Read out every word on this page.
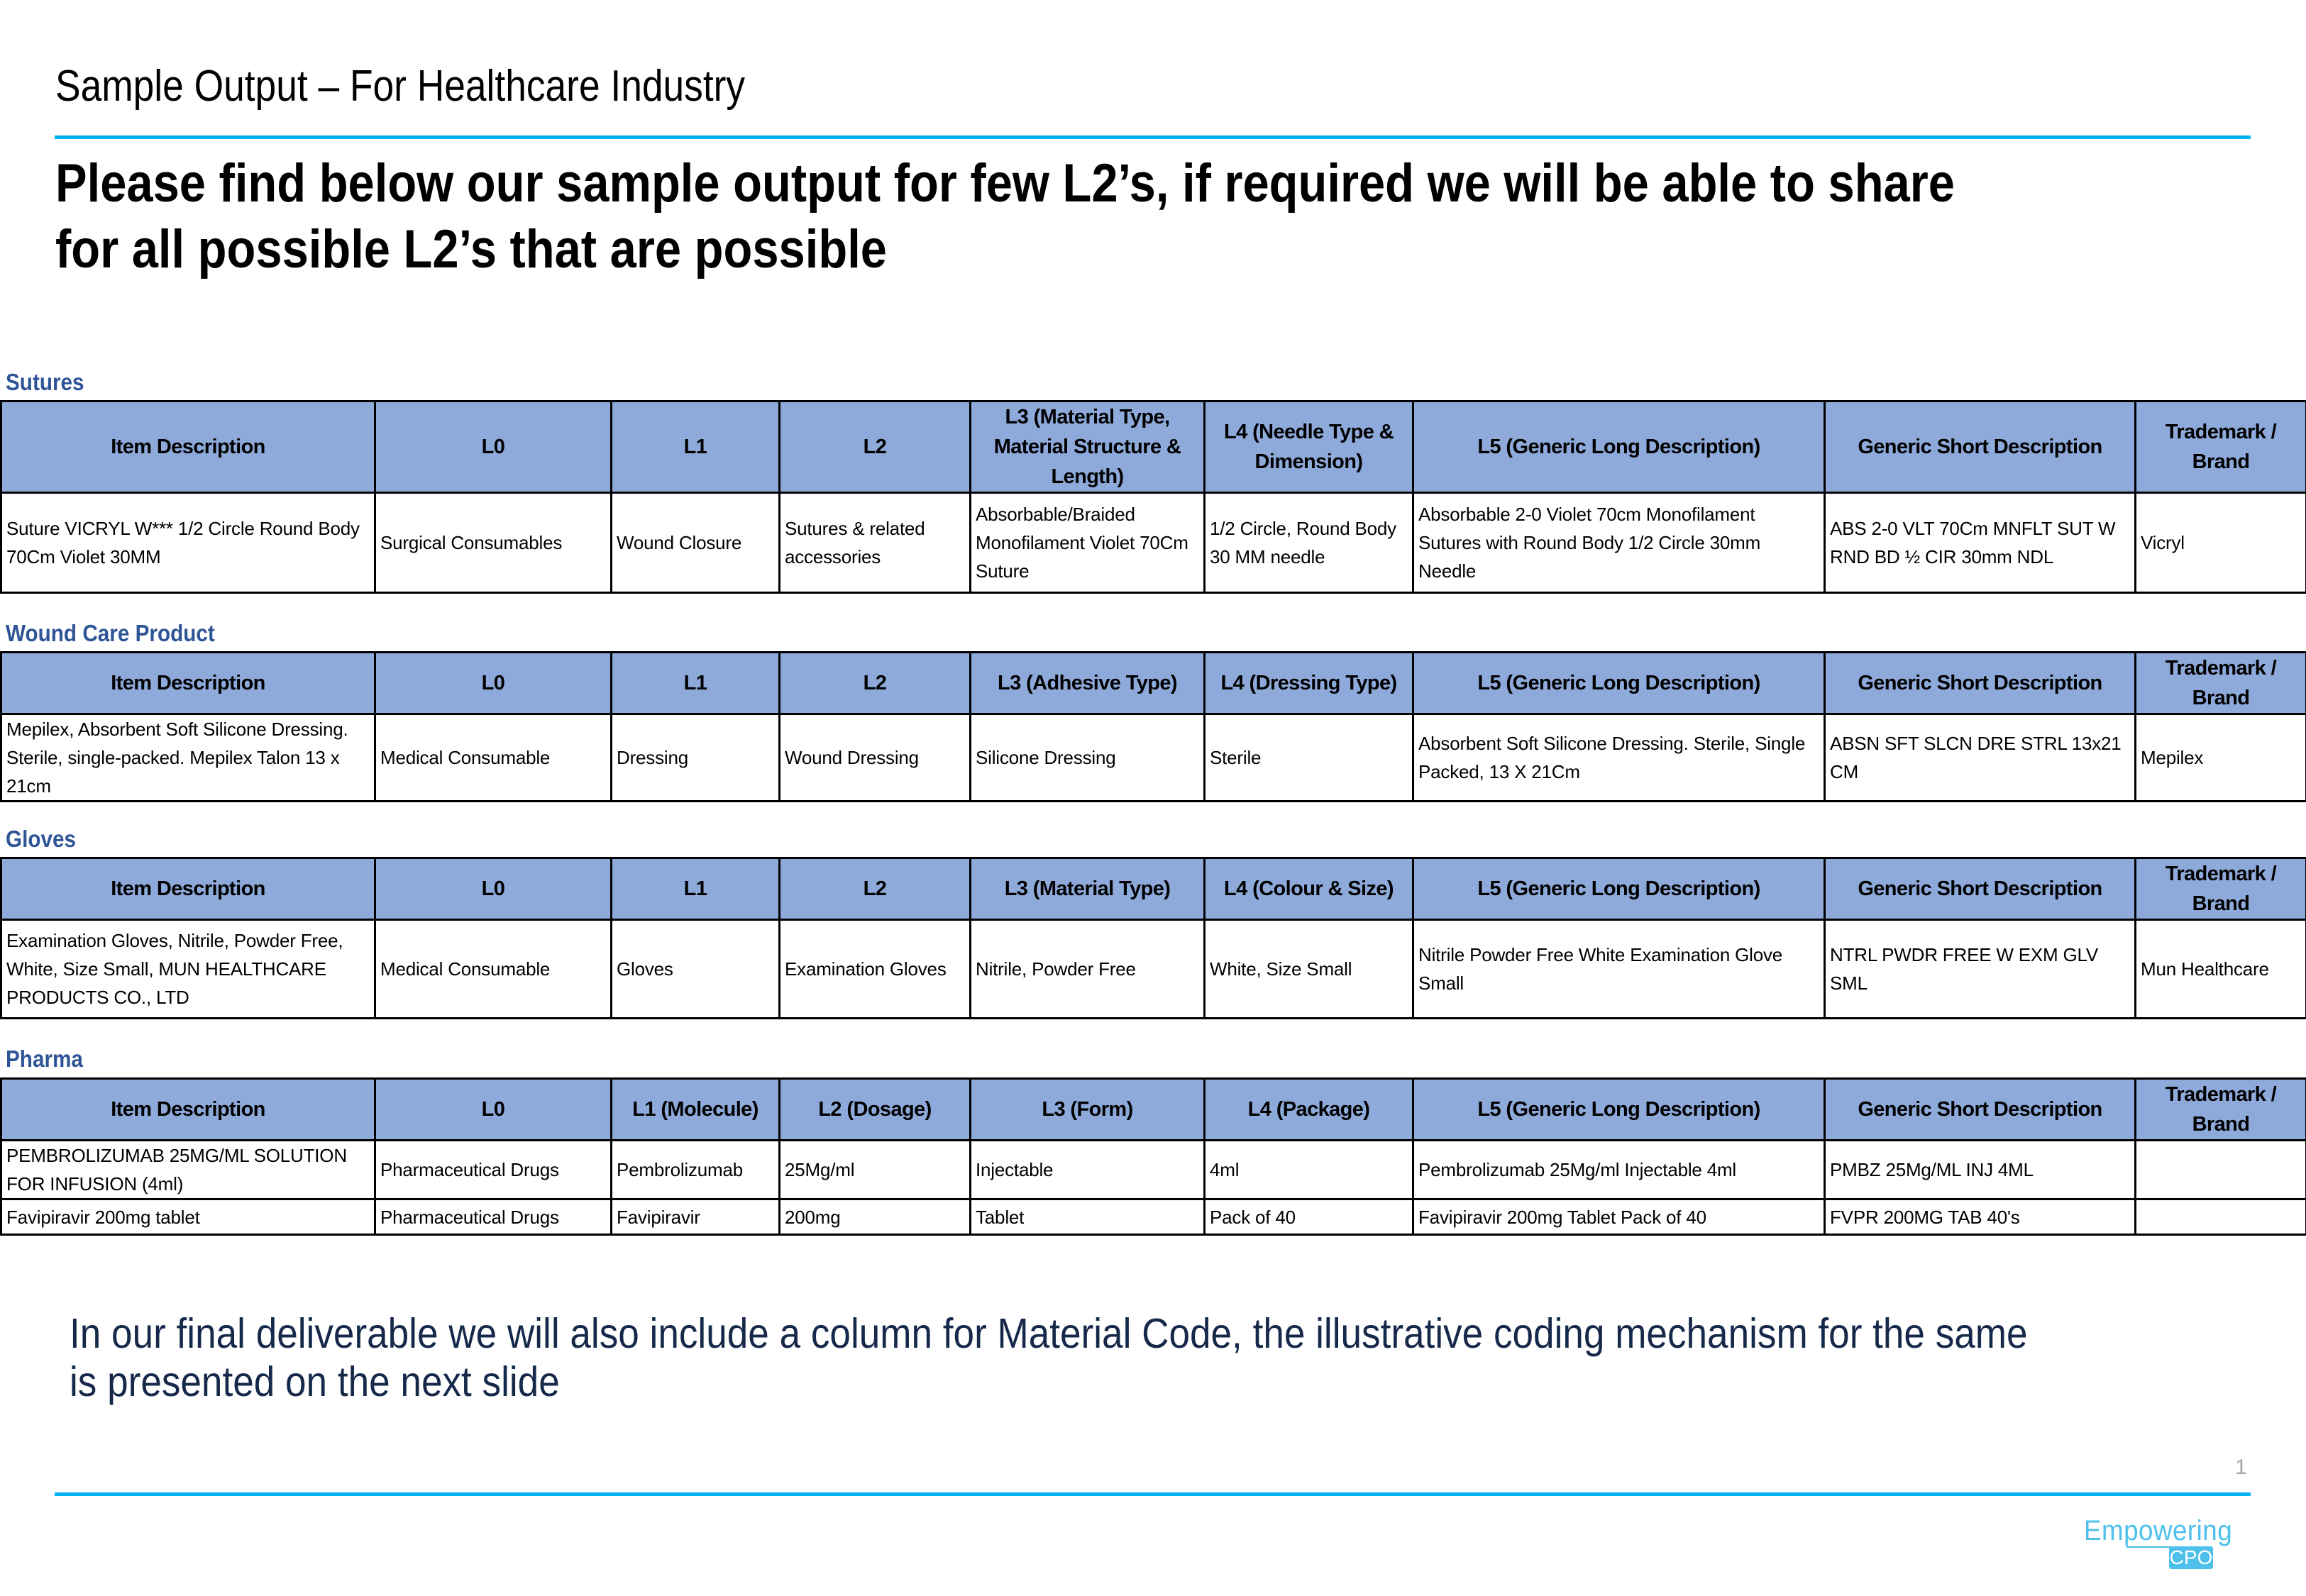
Sample Output – For Healthcare Industry
Please find below our sample output for few L2’s, if required we will be able to share
for all possible L2’s that are possible
Sutures
Item Description	L0	L1	L2	L3 (Material Type, Material Structure & Length)	L4 (Needle Type & Dimension)	L5 (Generic Long Description)	Generic Short Description	Trademark / Brand
Suture VICRYL W*** 1/2 Circle Round Body 70Cm Violet 30MM	Surgical Consumables	Wound Closure	Sutures & related accessories	Absorbable/Braided Monofilament Violet 70Cm Suture	1/2 Circle, Round Body 30 MM needle	Absorbable 2-0 Violet 70cm Monofilament Sutures with Round Body 1/2 Circle 30mm Needle	ABS 2-0 VLT 70Cm MNFLT SUT W RND BD ½ CIR 30mm NDL	Vicryl
Wound Care Product
Item Description	L0	L1	L2	L3 (Adhesive Type)	L4 (Dressing Type)	L5 (Generic Long Description)	Generic Short Description	Trademark / Brand
Mepilex, Absorbent Soft Silicone Dressing. Sterile, single-packed. Mepilex Talon 13 x 21cm	Medical Consumable	Dressing	Wound Dressing	Silicone Dressing	Sterile	Absorbent Soft Silicone Dressing. Sterile, Single Packed, 13 X 21Cm	ABSN SFT SLCN DRE STRL 13x21 CM	Mepilex
Gloves
Item Description	L0	L1	L2	L3 (Material Type)	L4 (Colour & Size)	L5 (Generic Long Description)	Generic Short Description	Trademark / Brand
Examination Gloves, Nitrile, Powder Free, White, Size Small, MUN HEALTHCARE PRODUCTS CO., LTD	Medical Consumable	Gloves	Examination Gloves	Nitrile, Powder Free	White, Size Small	Nitrile Powder Free White Examination Glove Small	NTRL PWDR FREE W EXM GLV SML	Mun Healthcare
Pharma
Item Description	L0	L1 (Molecule)	L2 (Dosage)	L3 (Form)	L4 (Package)	L5 (Generic Long Description)	Generic Short Description	Trademark / Brand
PEMBROLIZUMAB 25MG/ML SOLUTION FOR INFUSION (4ml)	Pharmaceutical Drugs	Pembrolizumab	25Mg/ml	Injectable	4ml	Pembrolizumab 25Mg/ml Injectable 4ml	PMBZ 25Mg/ML INJ 4ML	
Favipiravir 200mg tablet	Pharmaceutical Drugs	Favipiravir	200mg	Tablet	Pack of 40	Favipiravir 200mg Tablet Pack of 40	FVPR 200MG TAB 40's	
In our final deliverable we will also include a column for Material Code, the illustrative coding mechanism for the same
is presented on the next slide
1
Empowering
CPO
